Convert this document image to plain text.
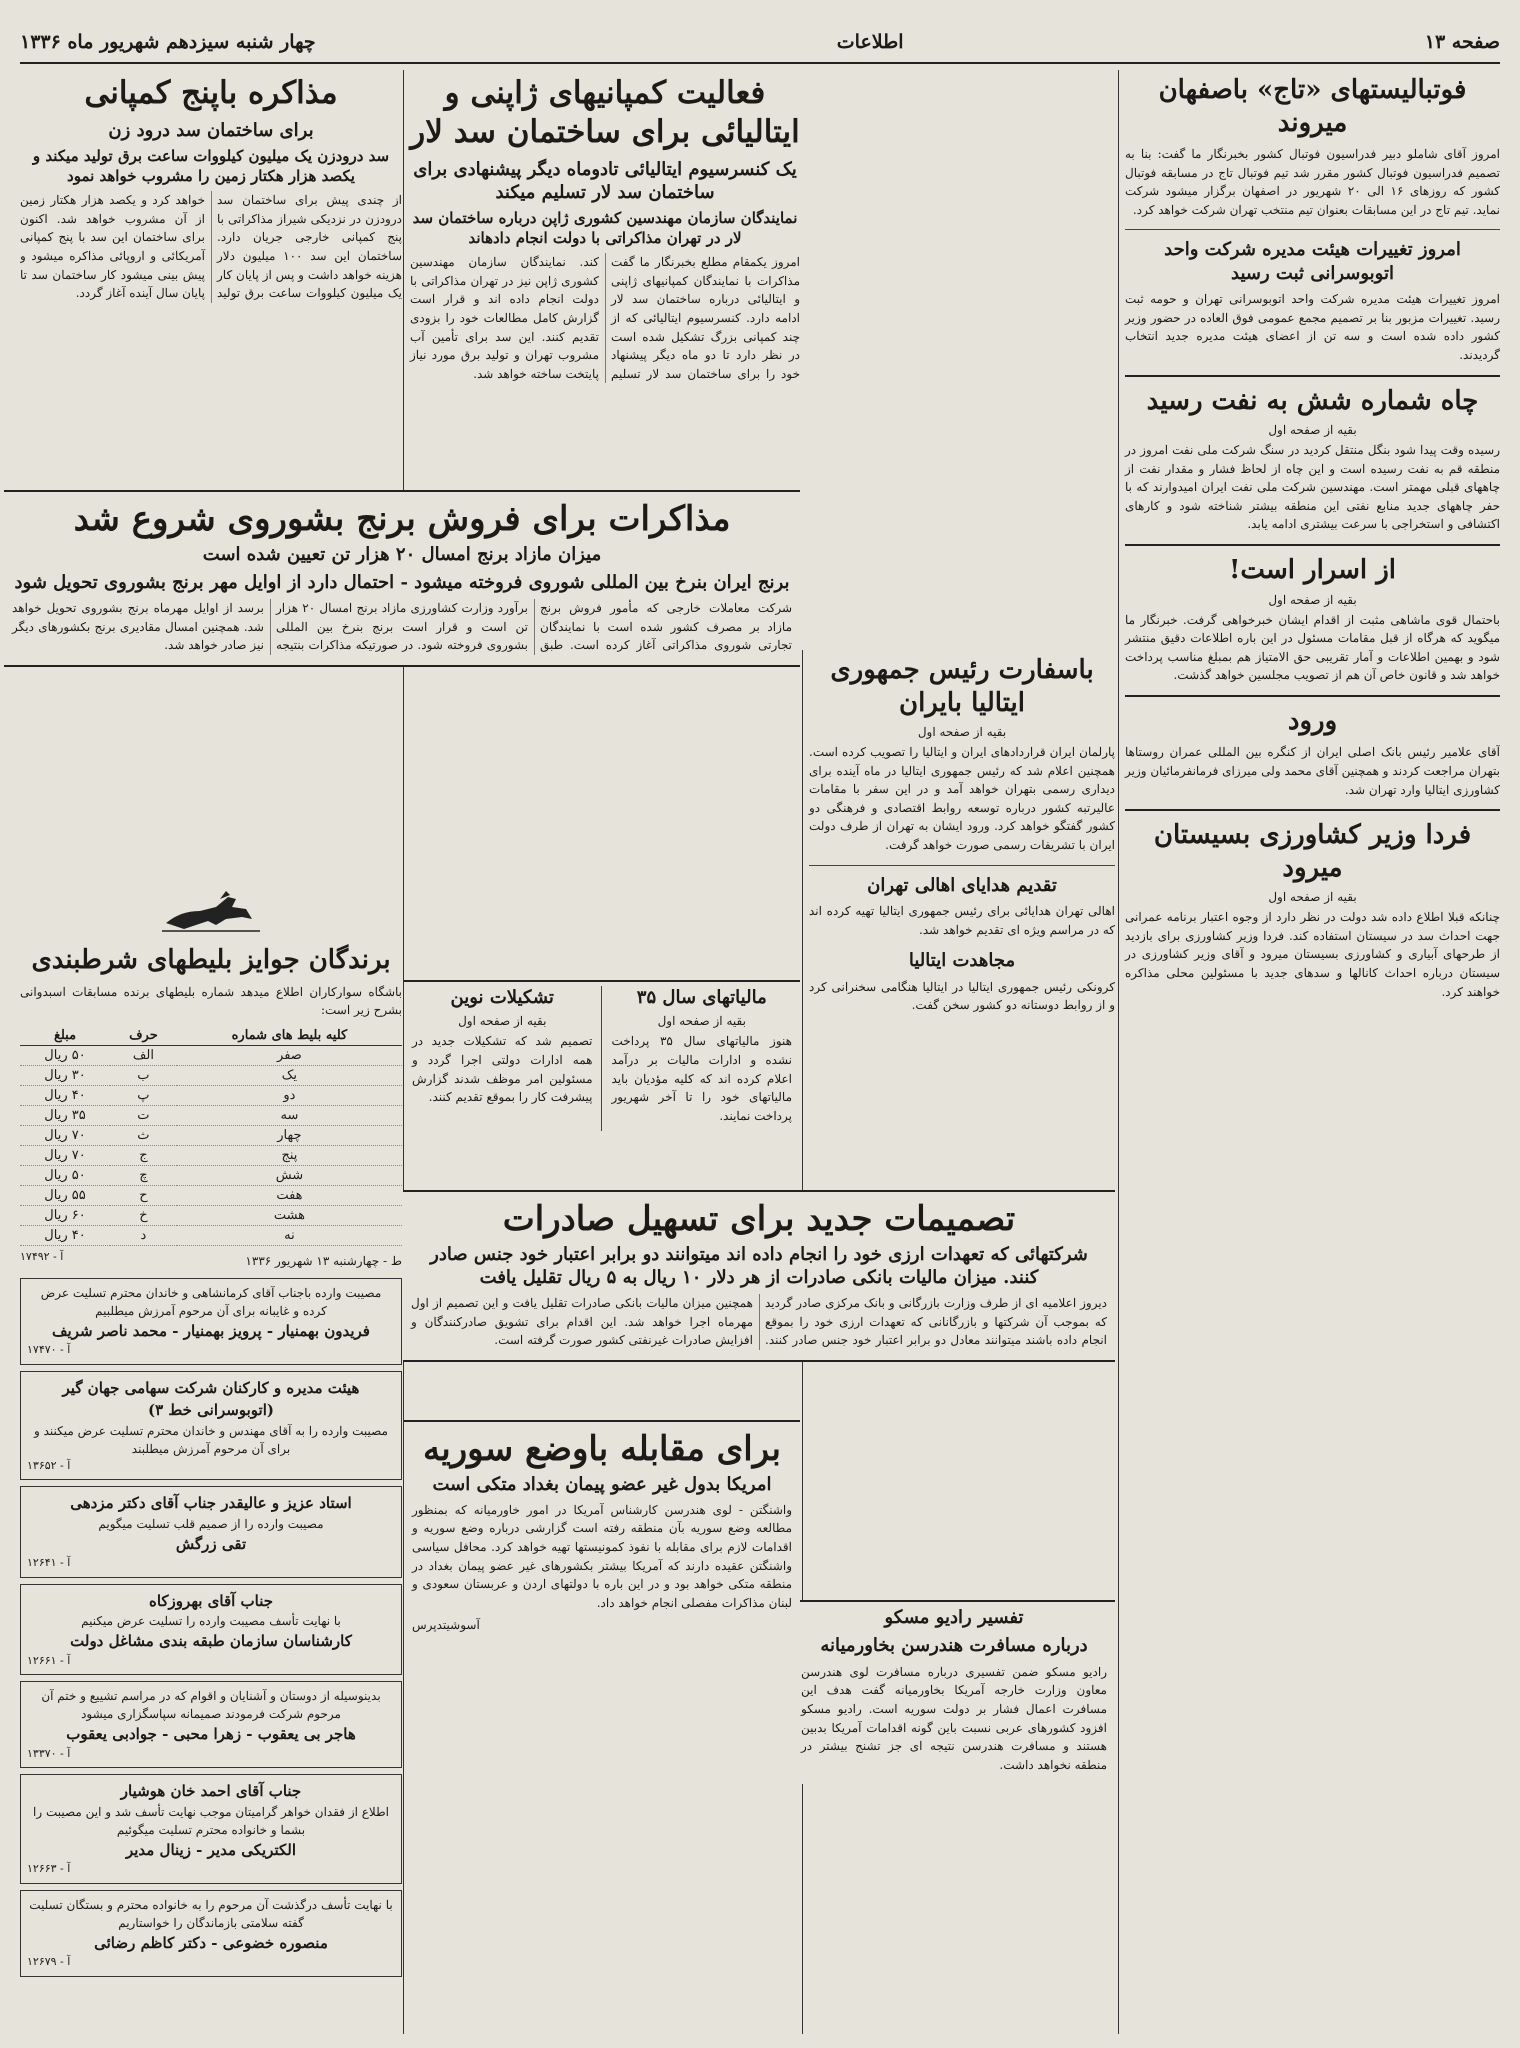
صفحه ۱۳
اطلاعات
چهار شنبه سیزدهم شهریور ماه ۱۳۳۶
فوتبالیستهای «تاج» باصفهان میروند

امروز آقای شاملو دبیر فدراسیون فوتبال کشور بخبرنگار ما گفت: بنا به تصمیم فدراسیون فوتبال کشور مقرر شد تیم فوتبال تاج در مسابقه فوتبال کشور که روزهای ۱۶ الی ۲۰ شهریور در اصفهان برگزار میشود شرکت نماید. تیم تاج در این مسابقات بعنوان تیم منتخب تهران شرکت خواهد کرد.

امروز تغییرات هیئت مدیره شرکت واحد اتوبوسرانی ثبت رسید

امروز تغییرات هیئت مدیره شرکت واحد اتوبوسرانی تهران و حومه ثبت رسید. تغییرات مزبور بنا بر تصمیم مجمع عمومی فوق العاده در حضور وزیر کشور داده شده است و سه تن از اعضای هیئت مدیره جدید انتخاب گردیدند.

چاه شماره شش به نفت رسید
بقیه از صفحه اول

رسیده وقت پیدا شود بنگل منتقل کردید در سنگ شرکت ملی نفت امروز در منطقه قم به نفت رسیده است و این چاه از لحاظ فشار و مقدار نفت از چاههای قبلی مهمتر است. مهندسین شرکت ملی نفت ایران امیدوارند که با حفر چاههای جدید منابع نفتی این منطقه بیشتر شناخته شود و کارهای اکتشافی و استخراجی با سرعت بیشتری ادامه یابد.

از اسرار است!
بقیه از صفحه اول

باحتمال قوی ماشاهی مثبت از اقدام ایشان خبرخواهی گرفت. خبرنگار ما میگوید که هرگاه از قبل مقامات مسئول در این باره اطلاعات دقیق منتشر شود و بهمین اطلاعات و آمار تقریبی حق الامتیاز هم بمبلغ مناسب پرداخت خواهد شد و قانون خاص آن هم از تصویب مجلسین خواهد گذشت.

ورود

آقای علامیر رئیس بانک اصلی ایران از کنگره بین المللی عمران روستاها بتهران مراجعت کردند و همچنین آقای محمد ولی میرزای فرمانفرمائیان وزیر کشاورزی ایتالیا وارد تهران شد.

فردا وزیر کشاورزی بسیستان میرود
بقیه از صفحه اول

چنانکه قبلا اطلاع داده شد دولت در نظر دارد از وجوه اعتبار برنامه عمرانی جهت احداث سد در سیستان استفاده کند. فردا وزیر کشاورزی برای بازدید از طرحهای آبیاری و کشاورزی بسیستان میرود و آقای وزیر کشاورزی در سیستان درباره احداث کانالها و سدهای جدید با مسئولین محلی مذاکره خواهند کرد.

فعالیت کمپانیهای ژاپنی و ایتالیائی برای ساختمان سد لار
یک کنسرسیوم ایتالیائی تادوماه دیگر پیشنهادی برای ساختمان سد لار تسلیم میکند
نمایندگان سازمان مهندسین کشوری ژاپن درباره ساختمان سد لار در تهران مذاکراتی با دولت انجام دادهاند

امروز یکمقام مطلع بخبرنگار ما گفت مذاکرات با نمایندگان کمپانیهای ژاپنی و ایتالیائی درباره ساختمان سد لار ادامه دارد. کنسرسیوم ایتالیائی که از چند کمپانی بزرگ تشکیل شده است در نظر دارد تا دو ماه دیگر پیشنهاد خود را برای ساختمان سد لار تسلیم کند. نمایندگان سازمان مهندسین کشوری ژاپن نیز در تهران مذاکراتی با دولت انجام داده اند و قرار است گزارش کامل مطالعات خود را بزودی تقدیم کنند. این سد برای تأمین آب مشروب تهران و تولید برق مورد نیاز پایتخت ساخته خواهد شد.

باسفارت رئیس جمهوری ایتالیا بایران
بقیه از صفحه اول

پارلمان ایران قراردادهای ایران و ایتالیا را تصویب کرده است. همچنین اعلام شد که رئیس جمهوری ایتالیا در ماه آینده برای دیداری رسمی بتهران خواهد آمد و در این سفر با مقامات عالیرتبه کشور درباره توسعه روابط اقتصادی و فرهنگی دو کشور گفتگو خواهد کرد. ورود ایشان به تهران از طرف دولت ایران با تشریفات رسمی صورت خواهد گرفت.

تقدیم هدایای اهالی تهران

اهالی تهران هدایائی برای رئیس جمهوری ایتالیا تهیه کرده اند که در مراسم ویژه ای تقدیم خواهد شد.

مجاهدت ایتالیا

کرونکی رئیس جمهوری ایتالیا در ایتالیا هنگامی سخنرانی کرد و از روابط دوستانه دو کشور سخن گفت.

تصمیمات جدید برای تسهیل صادرات
شرکتهائی که تعهدات ارزی خود را انجام داده اند میتوانند دو برابر اعتبار خود جنس صادر کنند. میزان مالیات بانکی صادرات از هر دلار ۱۰ ریال به ۵ ریال تقلیل یافت

دیروز اعلامیه ای از طرف وزارت بازرگانی و بانک مرکزی صادر گردید که بموجب آن شرکتها و بازرگانانی که تعهدات ارزی خود را بموقع انجام داده باشند میتوانند معادل دو برابر اعتبار خود جنس صادر کنند. همچنین میزان مالیات بانکی صادرات تقلیل یافت و این تصمیم از اول مهرماه اجرا خواهد شد. این اقدام برای تشویق صادرکنندگان و افزایش صادرات غیرنفتی کشور صورت گرفته است.

مالیاتهای سال ۳۵
بقیه از صفحه اول

هنوز مالیاتهای سال ۳۵ پرداخت نشده و ادارات مالیات بر درآمد اعلام کرده اند که کلیه مؤدیان باید مالیاتهای خود را تا آخر شهریور پرداخت نمایند.

تشکیلات نوین
بقیه از صفحه اول

تصمیم شد که تشکیلات جدید در همه ادارات دولتی اجرا گردد و مسئولین امر موظف شدند گزارش پیشرفت کار را بموقع تقدیم کنند.

تفسیر رادیو مسکو
درباره مسافرت هندرسن بخاورمیانه

رادیو مسکو ضمن تفسیری درباره مسافرت لوی هندرسن معاون وزارت خارجه آمریکا بخاورمیانه گفت هدف این مسافرت اعمال فشار بر دولت سوریه است. رادیو مسکو افزود کشورهای عربی نسبت باین گونه اقدامات آمریکا بدبین هستند و مسافرت هندرسن نتیجه ای جز تشنج بیشتر در منطقه نخواهد داشت.

برای مقابله باوضع سوریه
امریکا بدول غیر عضو پیمان بغداد متکی است

واشنگتن - لوی هندرسن کارشناس آمریکا در امور خاورمیانه که بمنظور مطالعه وضع سوریه بآن منطقه رفته است گزارشی درباره وضع سوریه و اقدامات لازم برای مقابله با نفوذ کمونیستها تهیه خواهد کرد. محافل سیاسی واشنگتن عقیده دارند که آمریکا بیشتر بکشورهای غیر عضو پیمان بغداد در منطقه متکی خواهد بود و در این باره با دولتهای اردن و عربستان سعودی و لبنان مذاکرات مفصلی انجام خواهد داد.

آسوشیتدپرس
مذاکره باپنج کمپانی
برای ساختمان سد درود زن
سد درودزن یک میلیون کیلووات ساعت برق تولید میکند و یکصد هزار هکتار زمین را مشروب خواهد نمود

از چندی پیش برای ساختمان سد درودزن در نزدیکی شیراز مذاکراتی با پنج کمپانی خارجی جریان دارد. ساختمان این سد ۱۰۰ میلیون دلار هزینه خواهد داشت و پس از پایان کار یک میلیون کیلووات ساعت برق تولید خواهد کرد و یکصد هزار هکتار زمین از آن مشروب خواهد شد. اکنون برای ساختمان این سد با پنج کمپانی آمریکائی و اروپائی مذاکره میشود و پیش بینی میشود کار ساختمان سد تا پایان سال آینده آغاز گردد.

مذاکرات برای فروش برنج بشوروی شروع شد
میزان مازاد برنج امسال ۲۰ هزار تن تعیین شده است
برنج ایران بنرخ بین المللی شوروی فروخته میشود - احتمال دارد از اوایل مهر برنج بشوروی تحویل شود

شرکت معاملات خارجی که مأمور فروش برنج مازاد بر مصرف کشور شده است با نمایندگان تجارتی شوروی مذاکراتی آغاز کرده است. طبق برآورد وزارت کشاورزی مازاد برنج امسال ۲۰ هزار تن است و قرار است برنج بنرخ بین المللی بشوروی فروخته شود. در صورتیکه مذاکرات بنتیجه برسد از اوایل مهرماه برنج بشوروی تحویل خواهد شد. همچنین امسال مقادیری برنج بکشورهای دیگر نیز صادر خواهد شد.

برندگان جوایز بلیطهای شرطبندی

باشگاه سوارکاران اطلاع میدهد شماره بلیطهای برنده مسابقات اسبدوانی بشرح زیر است:

کلیه بلیط های شماره	حرف	مبلغ
صفر	الف	۵۰ ریال
یک	ب	۳۰ ریال
دو	پ	۴۰ ریال
سه	ت	۳۵ ریال
چهار	ث	۷۰ ریال
پنج	ج	۷۰ ریال
شش	چ	۵۰ ریال
هفت	ح	۵۵ ریال
هشت	خ	۶۰ ریال
نه	د	۴۰ ریال
ط - چهارشنبه ۱۳ شهریور ۱۳۳۶
۱۷۴۹۲ - آ
مصیبت وارده باجناب آقای کرمانشاهی و خاندان محترم تسلیت عرض کرده و غایبانه برای آن مرحوم آمرزش میطلبیم
فریدون بهمنیار - پرویز بهمنیار - محمد ناصر شریف
۱۷۴۷۰ - آ
هیئت مدیره و کارکنان شرکت سهامی جهان گیر (اتوبوسرانی خط ۳)
مصیبت وارده را به آقای مهندس و خاندان محترم تسلیت عرض میکنند و برای آن مرحوم آمرزش میطلبند
۱۳۶۵۲ - آ
استاد عزیز و عالیقدر جناب آقای دکتر مزدهی
مصیبت وارده را از صمیم قلب تسلیت میگویم
تقی زرگش
۱۲۶۴۱ - آ
جناب آقای بهروزکاه
با نهایت تأسف مصیبت وارده را تسلیت عرض میکنیم
کارشناسان سازمان طبقه بندی مشاغل دولت
۱۲۶۶۱ - آ
بدینوسیله از دوستان و آشنایان و اقوام که در مراسم تشییع و ختم آن مرحوم شرکت فرمودند صمیمانه سپاسگزاری میشود
هاجر بی یعقوب - زهرا محبی - جوادبی یعقوب
۱۳۳۷۰ - آ
جناب آقای احمد خان هوشیار
اطلاع از فقدان خواهر گرامیتان موجب نهایت تأسف شد و این مصیبت را بشما و خانواده محترم تسلیت میگوئیم
الکتریکی مدیر - زینال مدیر
۱۲۶۶۳ - آ
با نهایت تأسف درگذشت آن مرحوم را به خانواده محترم و بستگان تسلیت گفته سلامتی بازماندگان را خواستاریم
منصوره خضوعی - دکتر کاظم رضائی
۱۲۶۷۹ - آ
